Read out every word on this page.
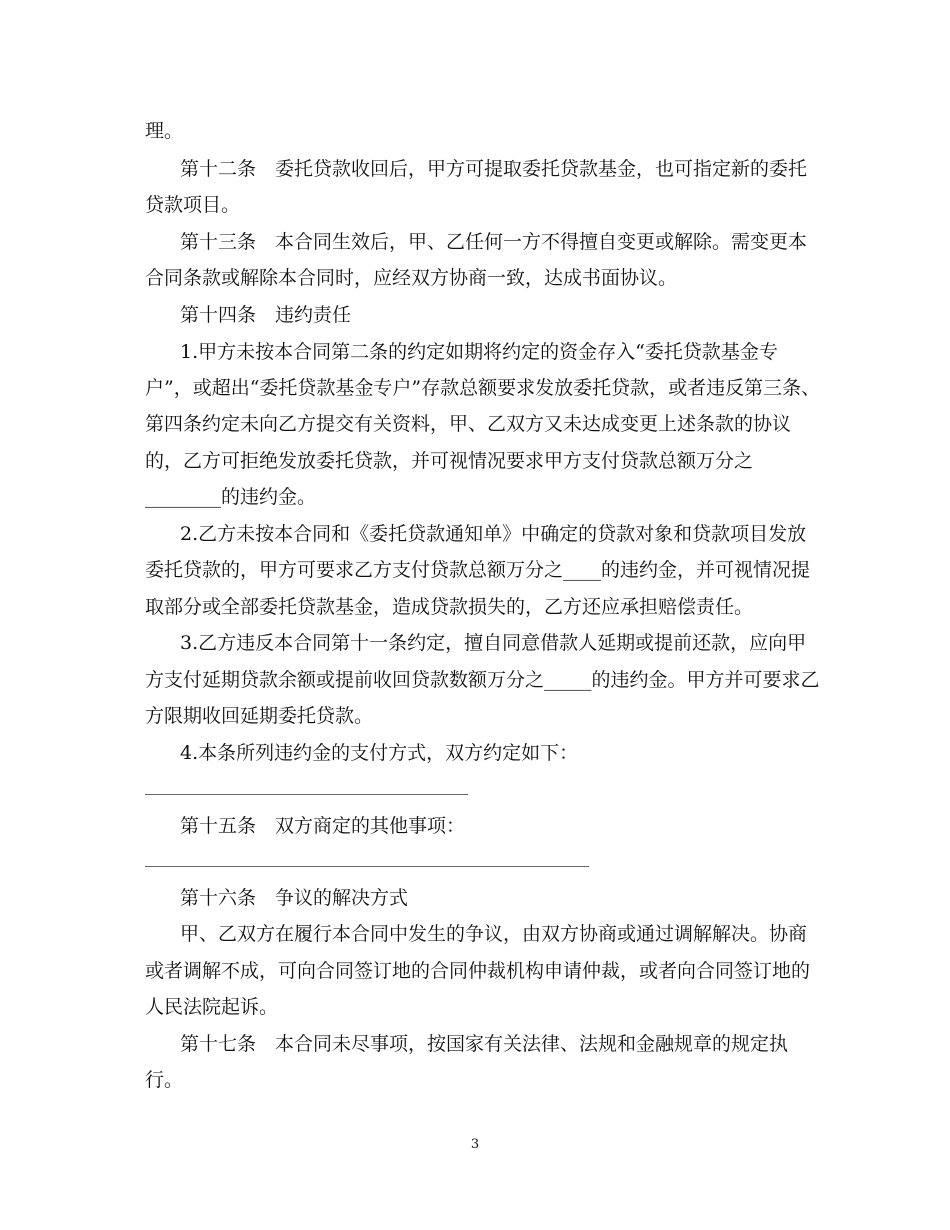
理。
第十二条　委托贷款收回后，甲方可提取委托贷款基金，也可指定新的委托
贷款项目。
第十三条　本合同生效后，甲、乙任何一方不得擅自变更或解除。需变更本
合同条款或解除本合同时，应经双方协商一致，达成书面协议。
第十四条　违约责任
1.甲方未按本合同第二条的约定如期将约定的资金存入“委托贷款基金专
户”，或超出“委托贷款基金专户”存款总额要求发放委托贷款，或者违反第三条、
第四条约定未向乙方提交有关资料，甲、乙双方又未达成变更上述条款的协议
的，乙方可拒绝发放委托贷款，并可视情况要求甲方支付贷款总额万分之
________的违约金。
2.乙方未按本合同和《委托贷款通知单》中确定的贷款对象和贷款项目发放
委托贷款的，甲方可要求乙方支付贷款总额万分之____的违约金，并可视情况提
取部分或全部委托贷款基金，造成贷款损失的，乙方还应承担赔偿责任。
3.乙方违反本合同第十一条约定，擅自同意借款人延期或提前还款，应向甲
方支付延期贷款余额或提前收回贷款数额万分之_____的违约金。甲方并可要求乙
方限期收回延期委托贷款。
4.本条所列违约金的支付方式，双方约定如下：
第十五条　双方商定的其他事项：
第十六条　争议的解决方式
甲、乙双方在履行本合同中发生的争议，由双方协商或通过调解解决。协商
或者调解不成，可向合同签订地的合同仲裁机构申请仲裁，或者向合同签订地的
人民法院起诉。
第十七条　本合同未尽事项，按国家有关法律、法规和金融规章的规定执
行。
3
